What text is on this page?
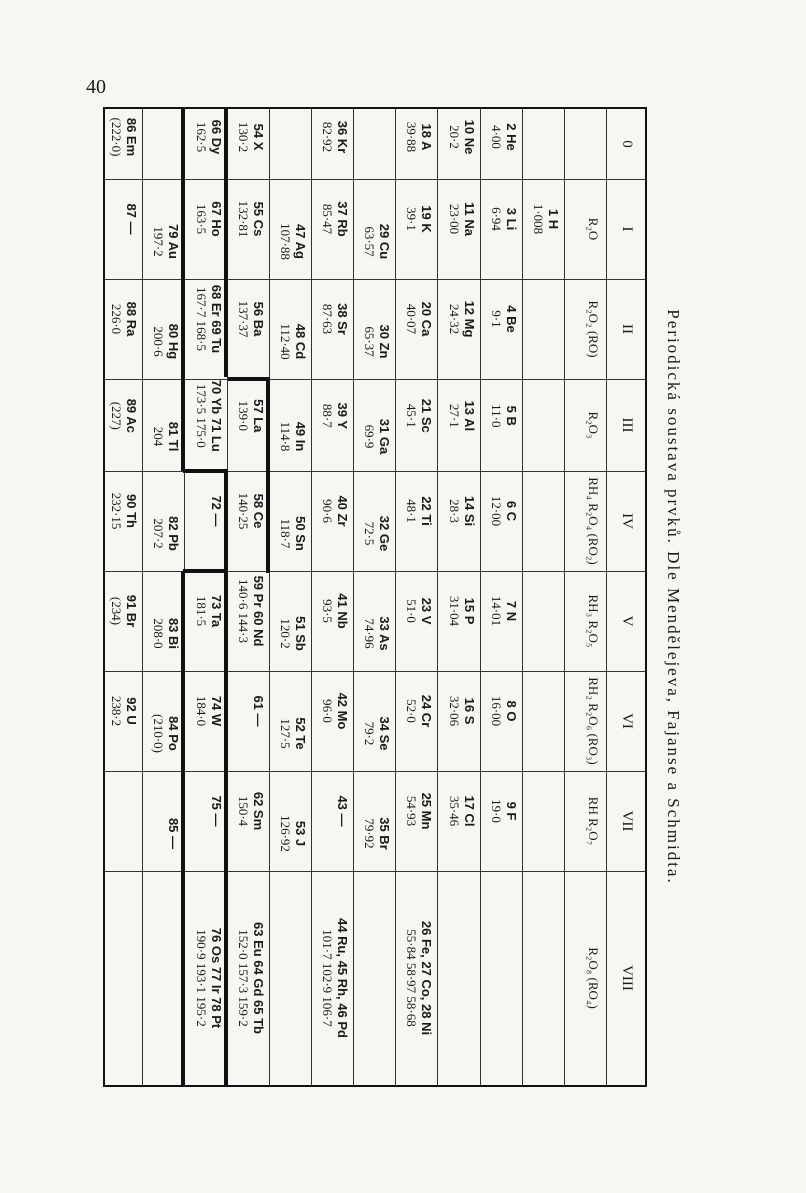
40
Periodická soustava prvků. Dle Mendělejeva, Fajanse a Schmidta.
0
I
II
III
IV
V
VI
VII
VIII
R₂O
R₂O₂ (RO)
R₂O₃
RH₄ R₂O₄ (RO₂)
RH₃ R₂O₅
RH₂ R₂O₆ (RO₃)
RH R₂O₇
R₂O₈ (RO₄)
1 H
1·008
2 He
4·00
3 Li
6·94
4 Be
9·1
5 B
11·0
6 C
12·00
7 N
14·01
8 O
16·00
9 F
19·0
10 Ne
20·2
11 Na
23·00
12 Mg
24·32
13 Al
27·1
14 Si
28·3
15 P
31·04
16 S
32·06
17 Cl
35·46
18 A
39·88
19 K
39·1
20 Ca
40·07
21 Sc
45·1
22 Ti
48·1
23 V
51·0
24 Cr
52·0
25 Mn
54·93
26 Fe, 27 Co, 28 Ni
55·84 58·97 58·68
29 Cu
63·57
30 Zn
65·37
31 Ga
69·9
32 Ge
72·5
33 As
74·96
34 Se
79·2
35 Br
79·92
36 Kr
82·92
37 Rb
85·47
38 Sr
87·63
39 Y
88·7
40 Zr
90·6
41 Nb
93·5
42 Mo
96·0
43 —
44 Ru, 45 Rh, 46 Pd
101·7 102·9 106·7
47 Ag
107·88
48 Cd
112·40
49 In
114·8
50 Sn
118·7
51 Sb
120·2
52 Te
127·5
53 J
126·92
54 X
130·2
55 Cs
132·81
56 Ba
137·37
57 La
139·0
58 Ce
140·25
59 Pr 60 Nd
140·6 144·3
61 —
62 Sm
150·4
63 Eu 64 Gd 65 Tb
152·0 157·3 159·2
66 Dy
162·5
67 Ho
163·5
68 Er 69 Tu
167·7 168·5
70 Yb 71 Lu
173·5 175·0
72 —
73 Ta
181·5
74 W
184·0
75 —
76 Os 77 Ir 78 Pt
190·9 193·1 195·2
79 Au
197·2
80 Hg
200·6
81 Tl
204
82 Pb
207·2
83 Bi
208·0
84 Po
(210·0)
85 —
86 Em
(222·0)
87 —
88 Ra
226·0
89 Ac
(227)
90 Th
232·15
91 Br
(234)
92 U
238·2
